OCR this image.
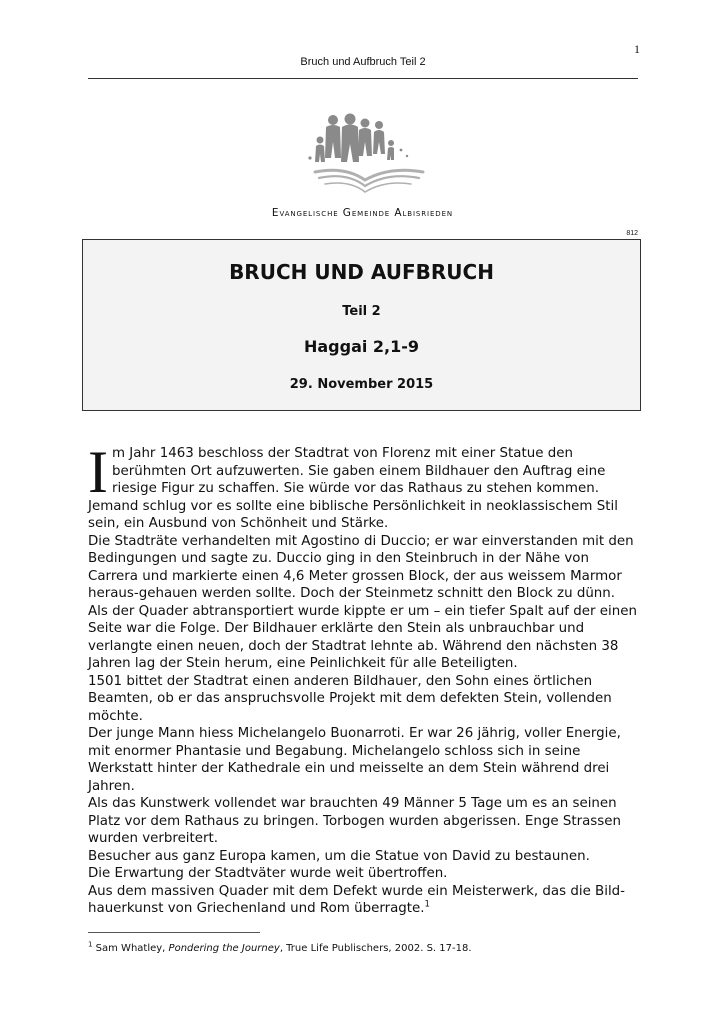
1
Bruch und Aufbruch Teil 2
Evangelische Gemeinde Albisrieden
812
BRUCH UND AUFBRUCH
Teil 2
Haggai 2,1-9
29. November 2015

Im Jahr 1463 beschloss der Stadtrat von Florenz mit einer Statue den berühmten Ort aufzuwerten. Sie gaben einem Bildhauer den Auftrag eine riesige Figur zu schaffen. Sie würde vor das Rathaus zu stehen kommen. Jemand schlug vor es sollte eine biblische Persönlichkeit in neoklassischem Stil sein, ein Ausbund von Schönheit und Stärke.

Die Stadträte verhandelten mit Agostino di Duccio; er war einverstanden mit den Bedingungen und sagte zu. Duccio ging in den Steinbruch in der Nähe von Carrera und markierte einen 4,6 Meter grossen Block, der aus weissem Marmor heraus-gehauen werden sollte. Doch der Steinmetz schnitt den Block zu dünn.

Als der Quader abtransportiert wurde kippte er um – ein tiefer Spalt auf der einen Seite war die Folge. Der Bildhauer erklärte den Stein als unbrauchbar und verlangte einen neuen, doch der Stadtrat lehnte ab. Während den nächsten 38 Jahren lag der Stein herum, eine Peinlichkeit für alle Beteiligten.

1501 bittet der Stadtrat einen anderen Bildhauer, den Sohn eines örtlichen Beamten, ob er das anspruchsvolle Projekt mit dem defekten Stein, vollenden möchte.

Der junge Mann hiess Michelangelo Buonarroti. Er war 26 jährig, voller Energie, mit enormer Phantasie und Begabung. Michelangelo schloss sich in seine Werkstatt hinter der Kathedrale ein und meisselte an dem Stein während drei Jahren.

Als das Kunstwerk vollendet war brauchten 49 Männer 5 Tage um es an seinen Platz vor dem Rathaus zu bringen. Torbogen wurden abgerissen. Enge Strassen wurden verbreitert.

Besucher aus ganz Europa kamen, um die Statue von David zu bestaunen.

Die Erwartung der Stadtväter wurde weit übertroffen.

Aus dem massiven Quader mit dem Defekt wurde ein Meisterwerk, das die Bild-hauerkunst von Griechenland und Rom überragte.$^1$

$^1$ Sam Whatley, Pondering the Journey, True Life Publischers, 2002. S. 17-18.
